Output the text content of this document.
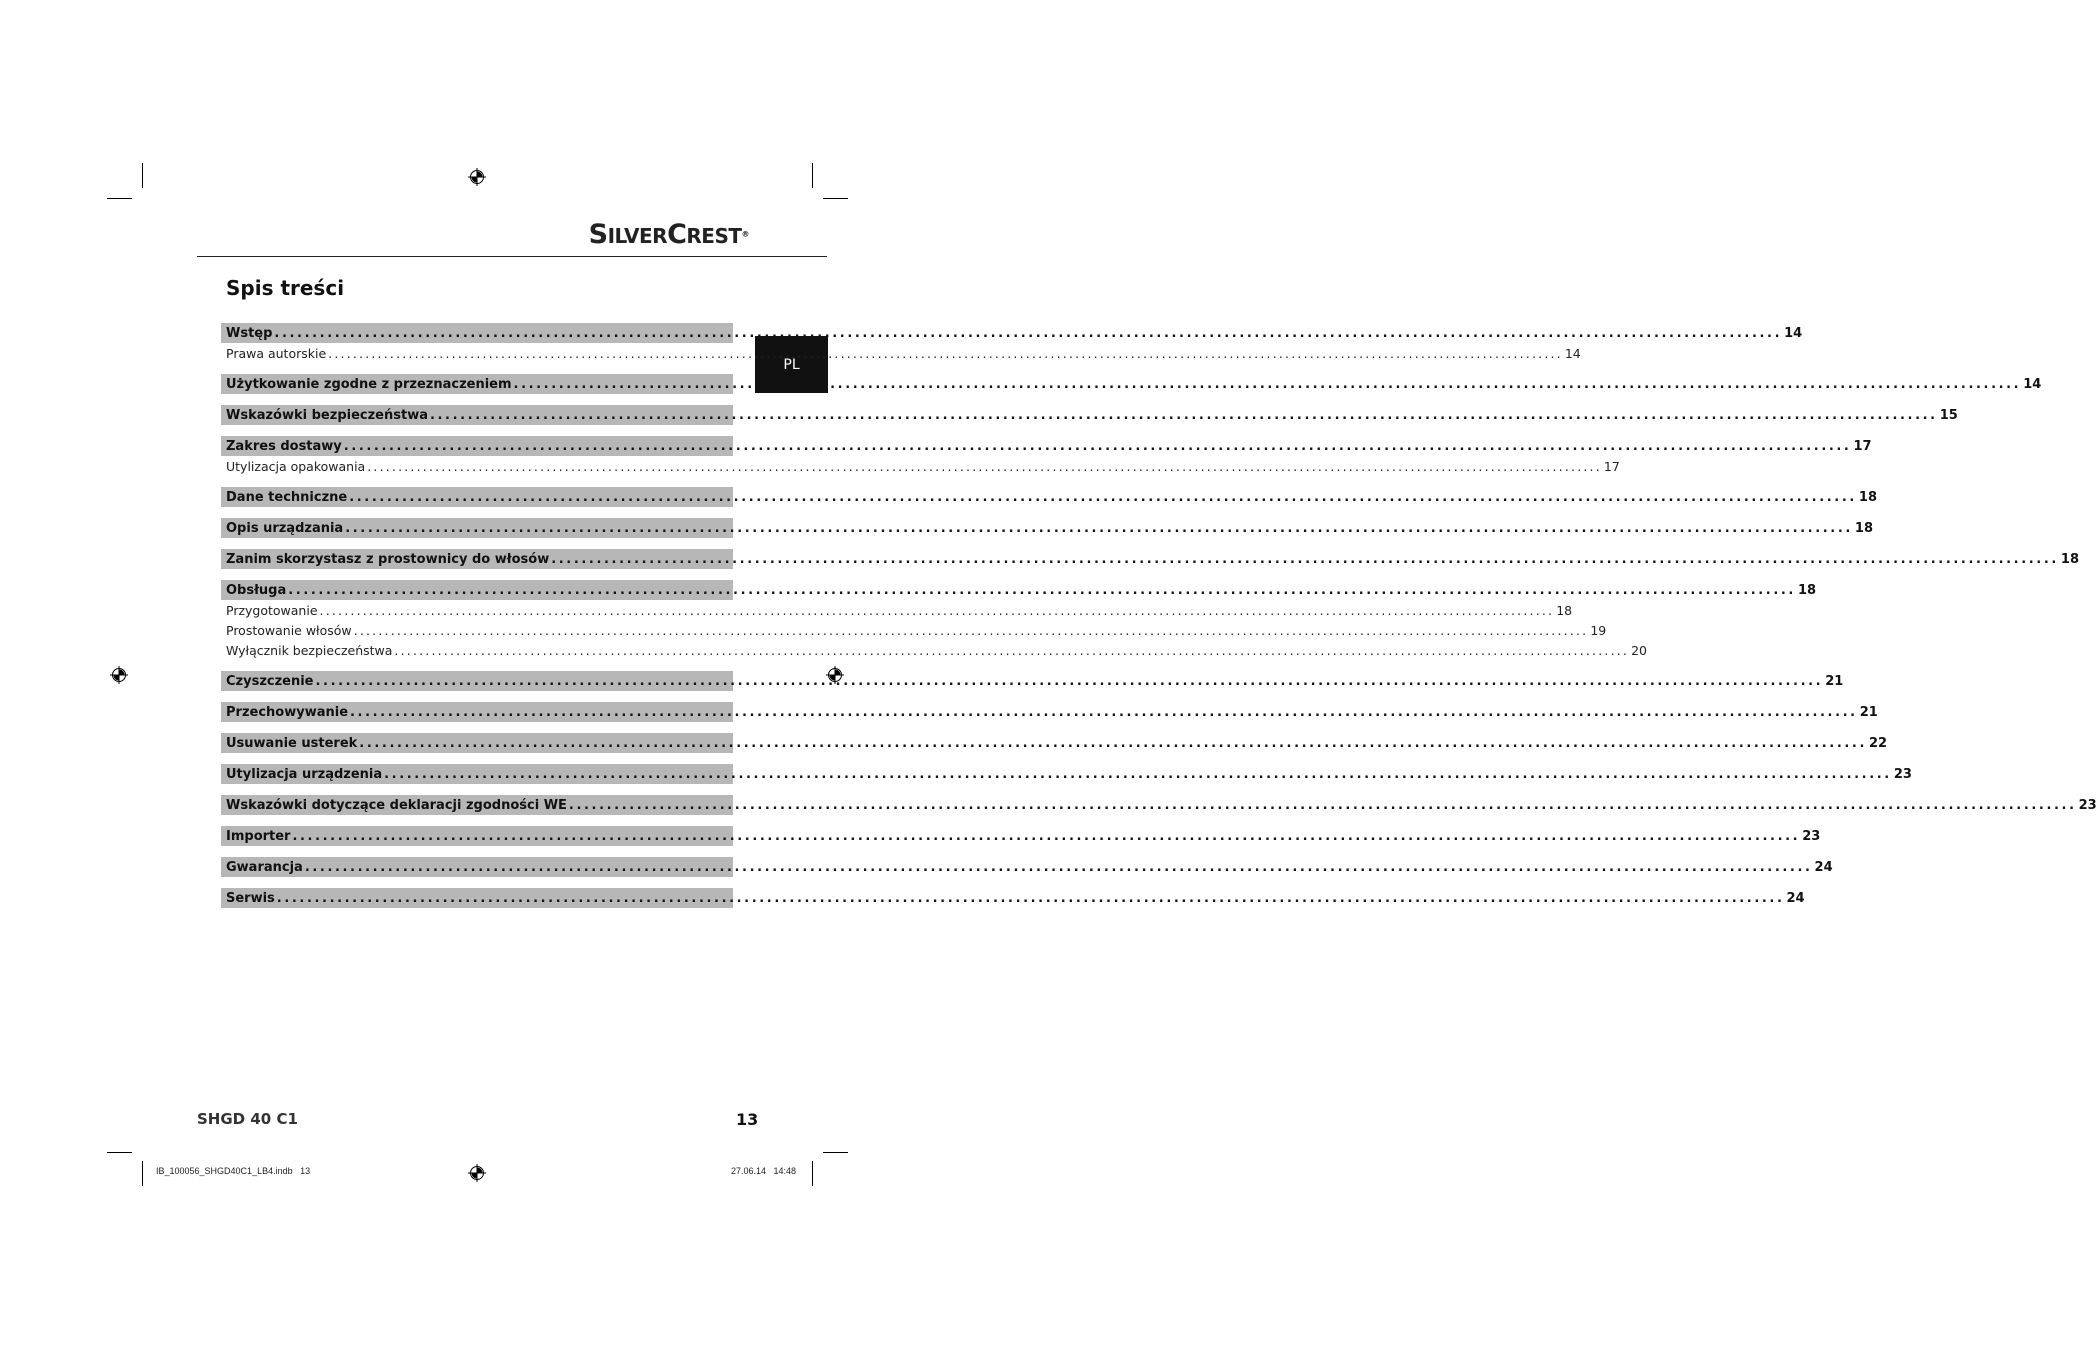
SILVERCREST®
Spis treści
PL
Wstęp ........................................................................................................................................................................................................ 14
Prawa autorskie ........................................................................................................................................................................................................ 14
Użytkowanie zgodne z przeznaczeniem ........................................................................................................................................................................................................ 14
Wskazówki bezpieczeństwa ........................................................................................................................................................................................................ 15
Zakres dostawy ........................................................................................................................................................................................................ 17
Utylizacja opakowania ........................................................................................................................................................................................................ 17
Dane techniczne ........................................................................................................................................................................................................ 18
Opis urządzania ........................................................................................................................................................................................................ 18
Zanim skorzystasz z prostownicy do włosów ........................................................................................................................................................................................................ 18
Obsługa ........................................................................................................................................................................................................ 18
Przygotowanie ........................................................................................................................................................................................................ 18
Prostowanie włosów ........................................................................................................................................................................................................ 19
Wyłącznik bezpieczeństwa ........................................................................................................................................................................................................ 20
Czyszczenie ........................................................................................................................................................................................................ 21
Przechowywanie ........................................................................................................................................................................................................ 21
Usuwanie usterek ........................................................................................................................................................................................................ 22
Utylizacja urządzenia ........................................................................................................................................................................................................ 23
Wskazówki dotyczące deklaracji zgodności WE ........................................................................................................................................................................................................ 23
Importer ........................................................................................................................................................................................................ 23
Gwarancja ........................................................................................................................................................................................................ 24
Serwis ........................................................................................................................................................................................................ 24
SHGD 40 C1	13
IB_100056_SHGD40C1_LB4.indb   13	27.06.14   14:48
